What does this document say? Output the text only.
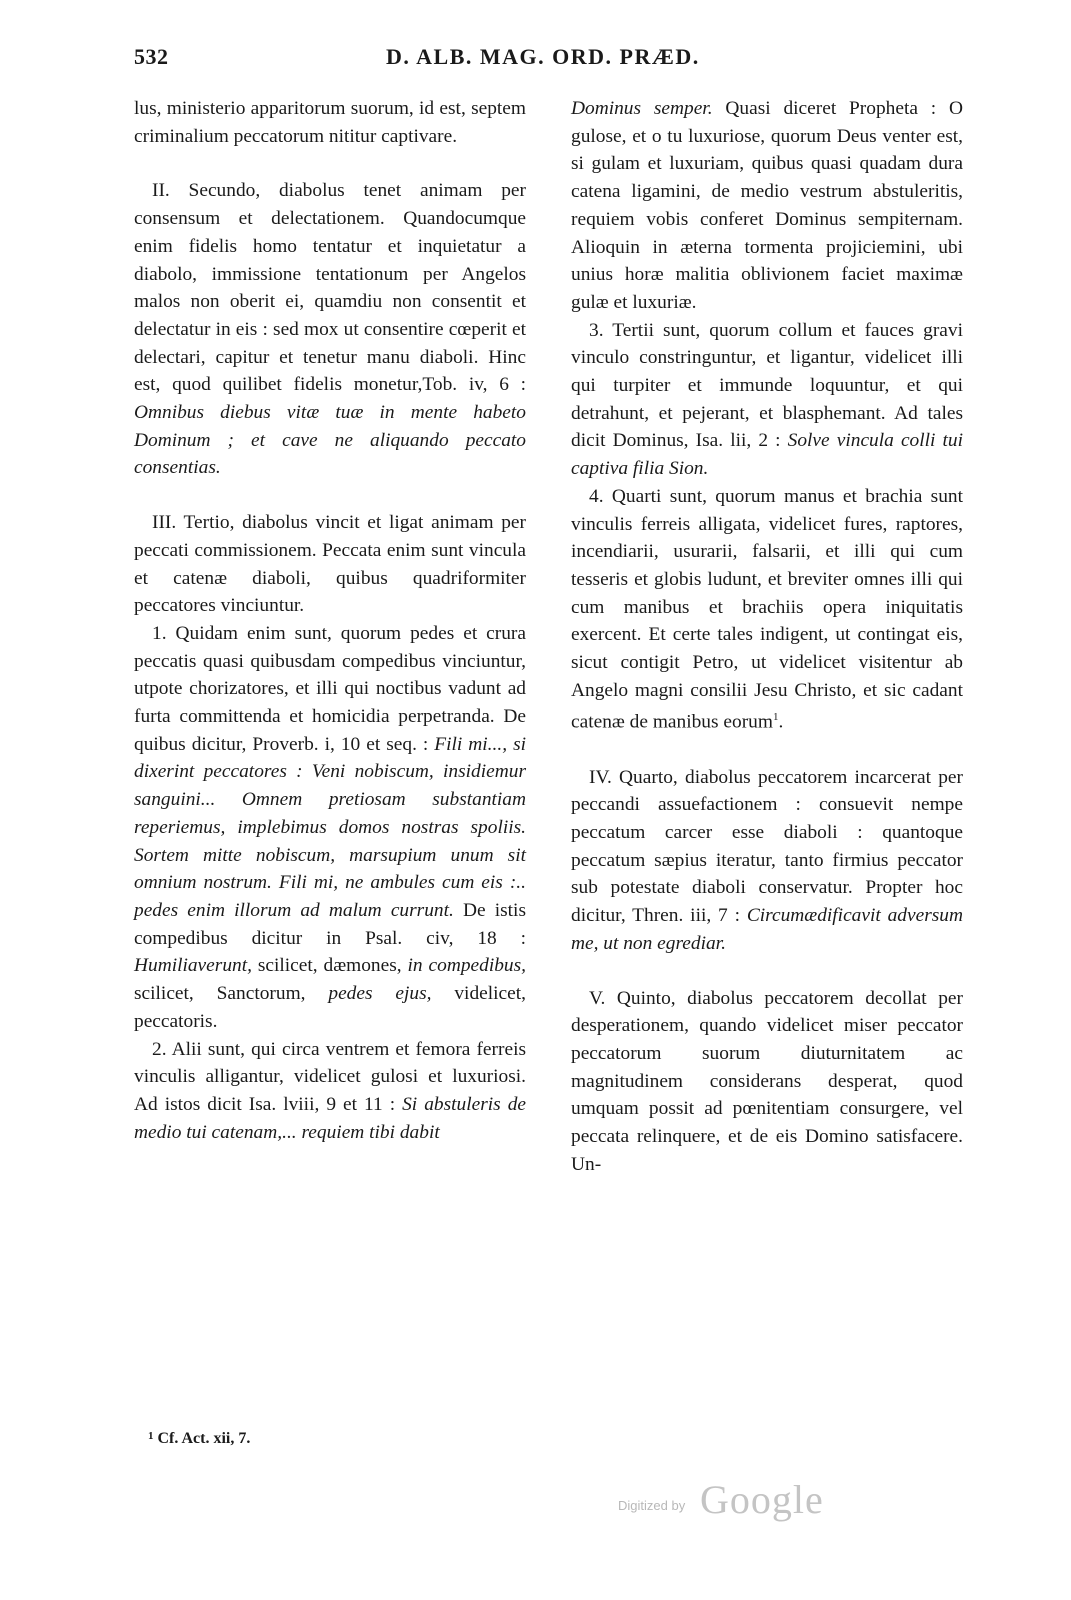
532	D. ALB. MAG. ORD. PRÆD.

lus, ministerio apparitorum suorum, id est, septem criminalium peccatorum nititur captivare.

II. Secundo, diabolus tenet animam per consensum et delectationem. Quandocumque enim fidelis homo tentatur et inquietatur a diabolo, immissione tentationum per Angelos malos non oberit ei, quamdiu non consentit et delectatur in eis : sed mox ut consentire cœperit et delectari, capitur et tenetur manu diaboli. Hinc est, quod quilibet fidelis monetur,Tob. iv, 6 : Omnibus diebus vitæ tuæ in mente habeto Dominum ; et cave ne aliquando peccato consentias.

III. Tertio, diabolus vincit et ligat animam per peccati commissionem. Peccata enim sunt vincula et catenæ diaboli, quibus quadriformiter peccatores vinciuntur.

1. Quidam enim sunt, quorum pedes et crura peccatis quasi quibusdam compedibus vinciuntur, utpote chorizatores, et illi qui noctibus vadunt ad furta committenda et homicidia perpetranda. De quibus dicitur, Proverb. i, 10 et seq. : Fili mi..., si dixerint peccatores : Veni nobiscum, insidiemur sanguini... Omnem pretiosam substantiam reperiemus, implebimus domos nostras spoliis. Sortem mitte nobiscum, marsupium unum sit omnium nostrum. Fili mi, ne ambules cum eis :.. pedes enim illorum ad malum currunt. De istis compedibus dicitur in Psal. civ, 18 : Humiliaverunt, scilicet, dæmones, in compedibus, scilicet, Sanctorum, pedes ejus, videlicet, peccatoris.

2. Alii sunt, qui circa ventrem et femora ferreis vinculis alligantur, videlicet gulosi et luxuriosi. Ad istos dicit Isa. lviii, 9 et 11 : Si abstuleris de medio tui catenam,... requiem tibi dabit

Dominus semper. Quasi diceret Propheta : O gulose, et o tu luxuriose, quorum Deus venter est, si gulam et luxuriam, quibus quasi quadam dura catena ligamini, de medio vestrum abstuleritis, requiem vobis conferet Dominus sempiternam. Alioquin in æterna tormenta projiciemini, ubi unius horæ malitia oblivionem faciet maximæ gulæ et luxuriæ.

3. Tertii sunt, quorum collum et fauces gravi vinculo constringuntur, et ligantur, videlicet illi qui turpiter et immunde loquuntur, et qui detrahunt, et pejerant, et blasphemant. Ad tales dicit Dominus, Isa. lii, 2 : Solve vincula colli tui captiva filia Sion.

4. Quarti sunt, quorum manus et brachia sunt vinculis ferreis alligata, videlicet fures, raptores, incendiarii, usurarii, falsarii, et illi qui cum tesseris et globis ludunt, et breviter omnes illi qui cum manibus et brachiis opera iniquitatis exercent. Et certe tales indigent, ut contingat eis, sicut contigit Petro, ut videlicet visitentur ab Angelo magni consilii Jesu Christo, et sic cadant catenæ de manibus eorum$^1$.

IV. Quarto, diabolus peccatorem incarcerat per peccandi assuefactionem : consuevit nempe peccatum carcer esse diaboli : quantoque peccatum sæpius iteratur, tanto firmius peccator sub potestate diaboli conservatur. Propter hoc dicitur, Thren. iii, 7 : Circumædificavit adversum me, ut non egrediar.

V. Quinto, diabolus peccatorem decollat per desperationem, quando videlicet miser peccator peccatorum suorum diuturnitatem ac magnitudinem considerans desperat, quod umquam possit ad pœnitentiam consurgere, vel peccata relinquere, et de eis Domino satisfacere. Un-

$^1$ Cf. Act. xii, 7.
Digitized by Google
